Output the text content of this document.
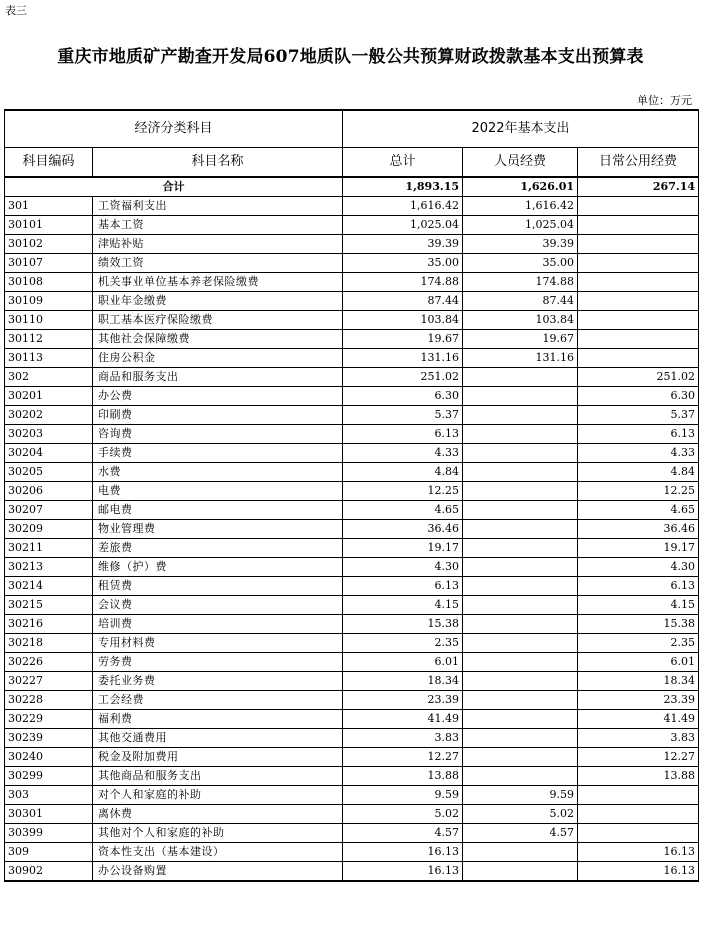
表三
重庆市地质矿产勘查开发局607地质队一般公共预算财政拨款基本支出预算表
单位：万元
经济分类科目		2022年基本支出		
科目编码	科目名称	总计	人员经费	日常公用经费
合计		1,893.15	1,626.01	267.14
301	工资福利支出	1,616.42	1,616.42	
30101	基本工资	1,025.04	1,025.04	
30102	津贴补贴	39.39	39.39	
30107	绩效工资	35.00	35.00	
30108	机关事业单位基本养老保险缴费	174.88	174.88	
30109	职业年金缴费	87.44	87.44	
30110	职工基本医疗保险缴费	103.84	103.84	
30112	其他社会保障缴费	19.67	19.67	
30113	住房公积金	131.16	131.16	
302	商品和服务支出	251.02		251.02
30201	办公费	6.30		6.30
30202	印刷费	5.37		5.37
30203	咨询费	6.13		6.13
30204	手续费	4.33		4.33
30205	水费	4.84		4.84
30206	电费	12.25		12.25
30207	邮电费	4.65		4.65
30209	物业管理费	36.46		36.46
30211	差旅费	19.17		19.17
30213	维修（护）费	4.30		4.30
30214	租赁费	6.13		6.13
30215	会议费	4.15		4.15
30216	培训费	15.38		15.38
30218	专用材料费	2.35		2.35
30226	劳务费	6.01		6.01
30227	委托业务费	18.34		18.34
30228	工会经费	23.39		23.39
30229	福利费	41.49		41.49
30239	其他交通费用	3.83		3.83
30240	税金及附加费用	12.27		12.27
30299	其他商品和服务支出	13.88		13.88
303	对个人和家庭的补助	9.59	9.59	
30301	离休费	5.02	5.02	
30399	其他对个人和家庭的补助	4.57	4.57	
309	资本性支出（基本建设）	16.13		16.13
30902	办公设备购置	16.13		16.13
